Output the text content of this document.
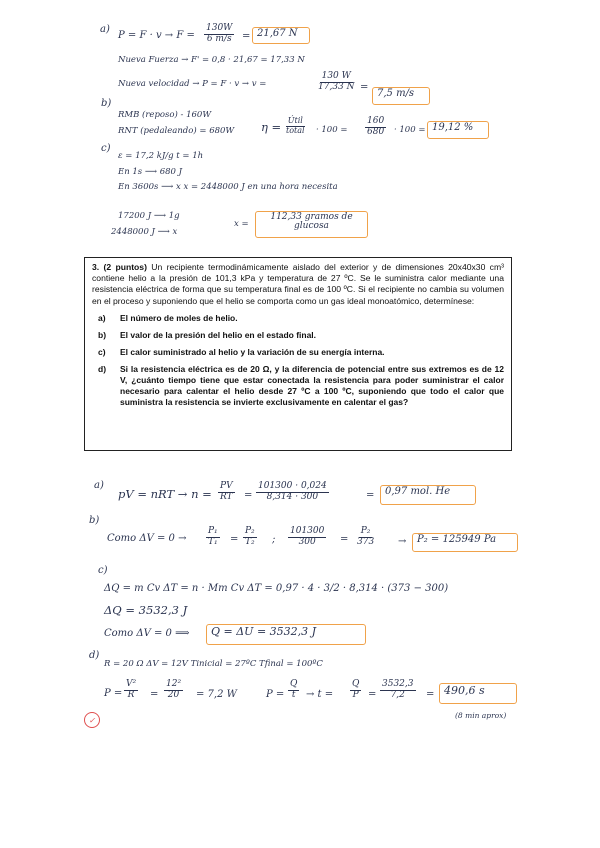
a)
$P = F \cdot v \to F = \frac{130W}{6 m/s} = 21,67$ N
Nueva Fuerza → F' = 0,8 · 21,67 = 17,33 N
Nueva velocidad → P = F · v → v =	$\frac{130 W}{17,33 N}$ =
7,5 m/s
b)
RMB (reposo) - 160W
RNT (pedaleando) = 680W η = Útil
total · $100 = \frac{160}{680} \cdot 100 = 19,12$ %
c)
ε = 17,2 kJ/g t = 1h
En 1s ⟶ 680 J
En 3600s ⟶ x x = 2448000 J en una hora necesita
17200 J ⟶ 1g
2448000 J ⟶ x
x =
112,33 gramos de glucosa

3. (2 puntos) Un recipiente termodinámicamente aislado del exterior y de dimensiones 20x40x30 cm³ contiene helio a la presión de 101,3 kPa y temperatura de 27 ºC. Se le suministra calor mediante una resistencia eléctrica de forma que su temperatura final es de 100 ºC. Si el recipiente no cambia su volumen en el proceso y suponiendo que el helio se comporta como un gas ideal monoatómico, determínese:

a)	El número de moles de helio.
b)	El valor de la presión del helio en el estado final.
c)	El calor suministrado al helio y la variación de su energía interna.
d)	Si la resistencia eléctrica es de 20 Ω, y la diferencia de potencial entre sus extremos es de 12 V, ¿cuánto tiempo tiene que estar conectada la resistencia para poder suministrar el calor necesario para calentar el helio desde 27 ºC a 100 ºC, suponiendo que todo el calor que suministra la resistencia se invierte exclusivamente en calentar el gas?
a)
pV = nRT → $n = \frac{PV}{RT} = \frac{101300 \cdot 0,024}{8,314 \cdot 300}$	=	0,97 mol. He
b)
Como $\Delta V = 0 \to \frac{\text{P₁}}{\text{T₁}} = \frac{\text{P₂}}{\text{T₂}}$ ; $\frac{101300}{300} = \frac{\text{P₂}}{373}$ →	P₂ = 125949 Pa
c)
ΔQ = m Cv ΔT = n · Mm Cv ΔT = 0,97 · 4 · 3/2 · 8,314 · (373 − 300)
ΔQ = 3532,3 J
Como ΔV = 0 ⟹	Q = ΔU = 3532,3 J
d)
R = 20 Ω ΔV = 12V Tinicial = 27ºC Tfinal = 100ºC
$P = \frac{\text{V²}}{R} = \frac{\text{12²}}{20} = 7,2$ W	$P = \frac{Q}{t} \to t = \frac{Q}{P} = \frac{3532,3}{7,2} = 490,6$ s
(8 min aprox)
✓
